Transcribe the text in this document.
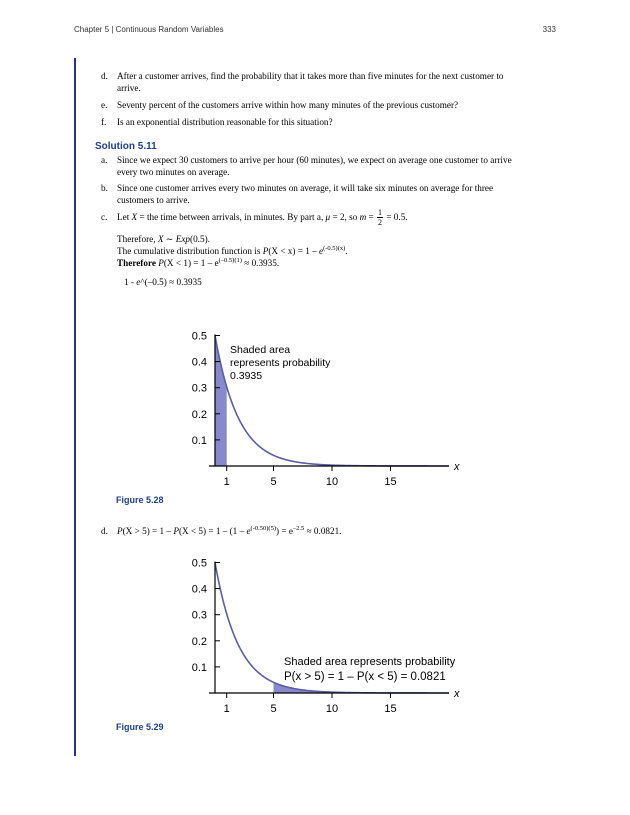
Chapter 5 | Continuous Random Variables	333
d. After a customer arrives, find the probability that it takes more than five minutes for the next customer to
arrive.
e. Seventy percent of the customers arrive within how many minutes of the previous customer?
f. Is an exponential distribution reasonable for this situation?
Solution 5.11
a. Since we expect 30 customers to arrive per hour (60 minutes), we expect on average one customer to arrive
every two minutes on average.
b. Since one customer arrives every two minutes on average, it will take six minutes on average for three
customers to arrive.
c. Let X = the time between arrivals, in minutes. By part a, μ = 2, so $m = \frac{1}{2} = 0.5$.
Therefore, X ∼ Exp(0.5).
The cumulative distribution function is $P(X < x) = 1 - e^{(-0.5)(x)}$.
Therefore $P(X < 1) = 1 - e^{(-0.5)(1)} \approx 0.3935$.
1 - e^(–0.5) ≈ 0.3935
0.1
0.2
0.3
0.4
0.5
1	5	10	15
x
Shaded area
represents probability
0.3935
Figure 5.28
d. $P(X > 5) = 1 - P(X < 5) = 1 - (1 - e^{(-0.50)(5)}) = e^{-2.5} \approx 0.0821$.
0.1
0.2
0.3
0.4
0.5
1	5	10	15
x
Shaded area represents probability
P(x > 5) = 1 – P(x < 5) = 0.0821
Figure 5.29
